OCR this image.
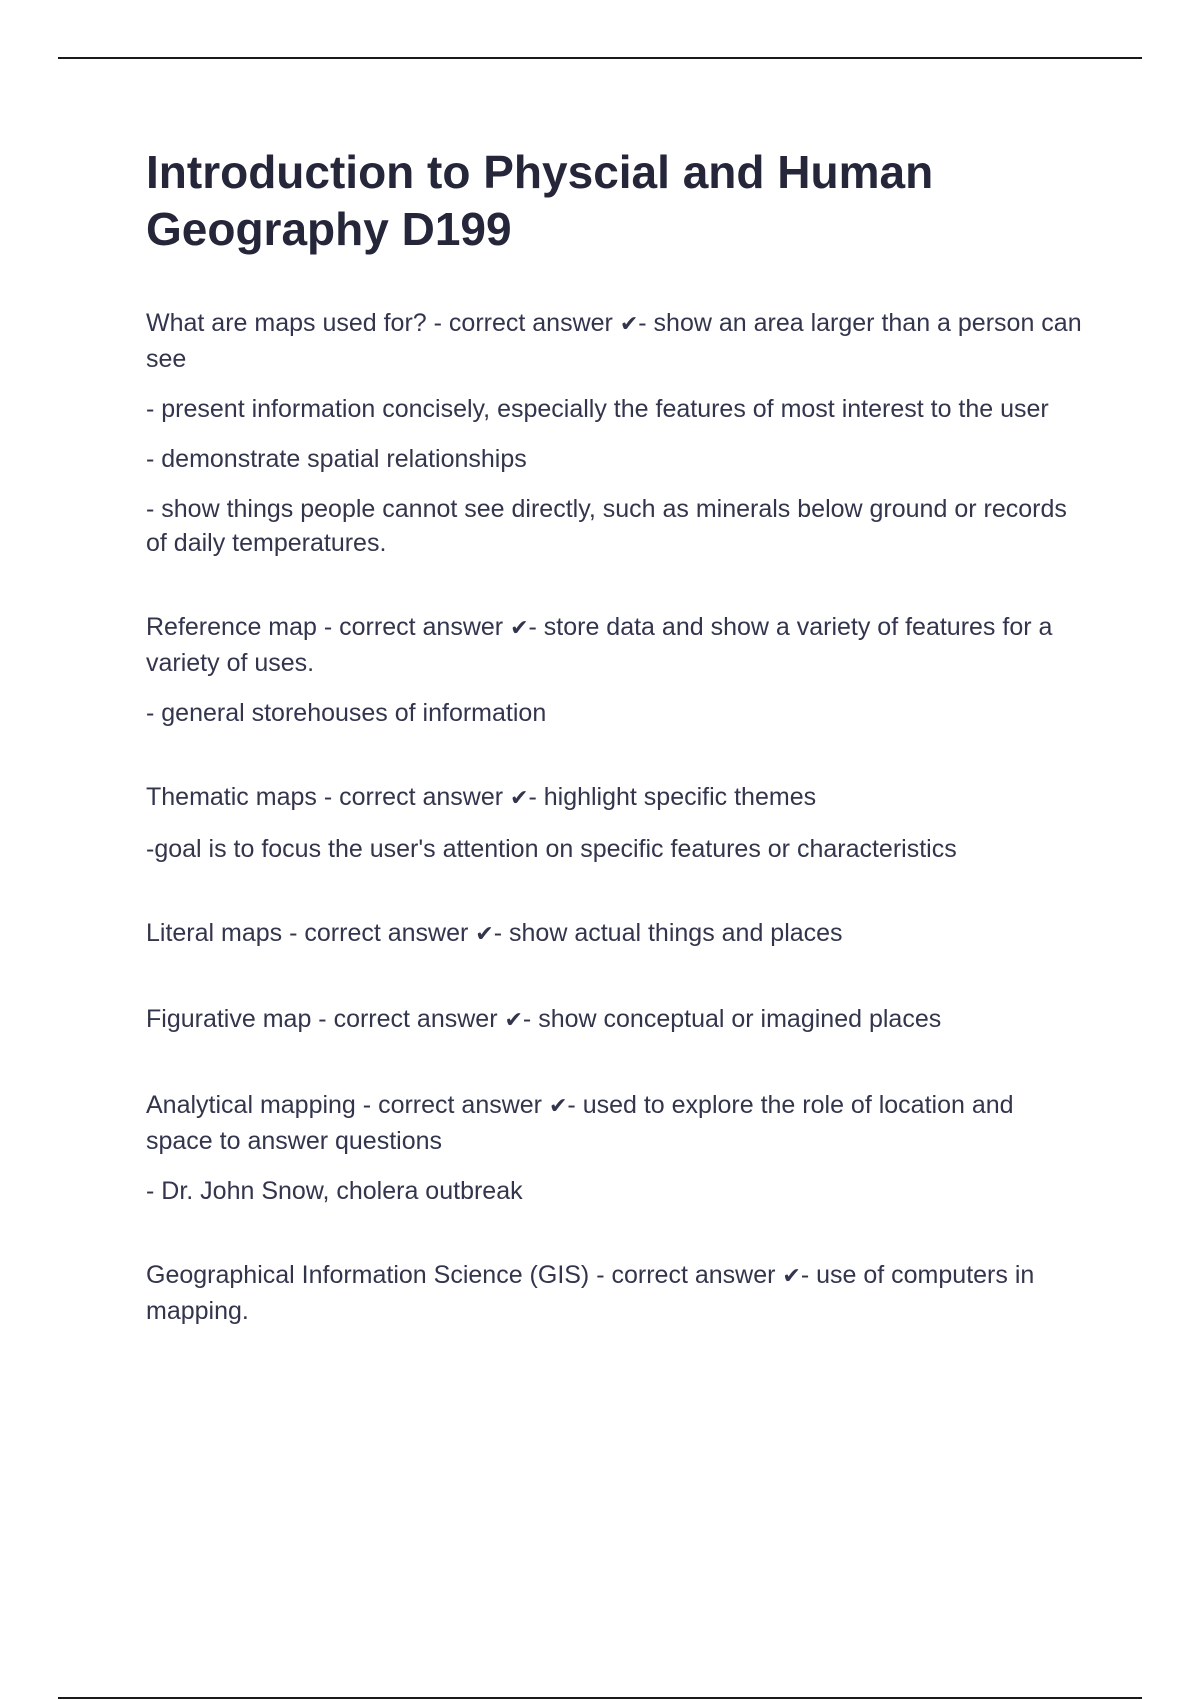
Introduction to Physcial and Human Geography D199

What are maps used for? - correct answer ✔- show an area larger than a person can see

- present information concisely, especially the features of most interest to the user

- demonstrate spatial relationships

- show things people cannot see directly, such as minerals below ground or records of daily temperatures.

Reference map - correct answer ✔- store data and show a variety of features for a variety of uses.

- general storehouses of information

Thematic maps - correct answer ✔- highlight specific themes

-goal is to focus the user's attention on specific features or characteristics

Literal maps - correct answer ✔- show actual things and places

Figurative map - correct answer ✔- show conceptual or imagined places

Analytical mapping - correct answer ✔- used to explore the role of location and space to answer questions

- Dr. John Snow, cholera outbreak

Geographical Information Science (GIS) - correct answer ✔- use of computers in mapping.
